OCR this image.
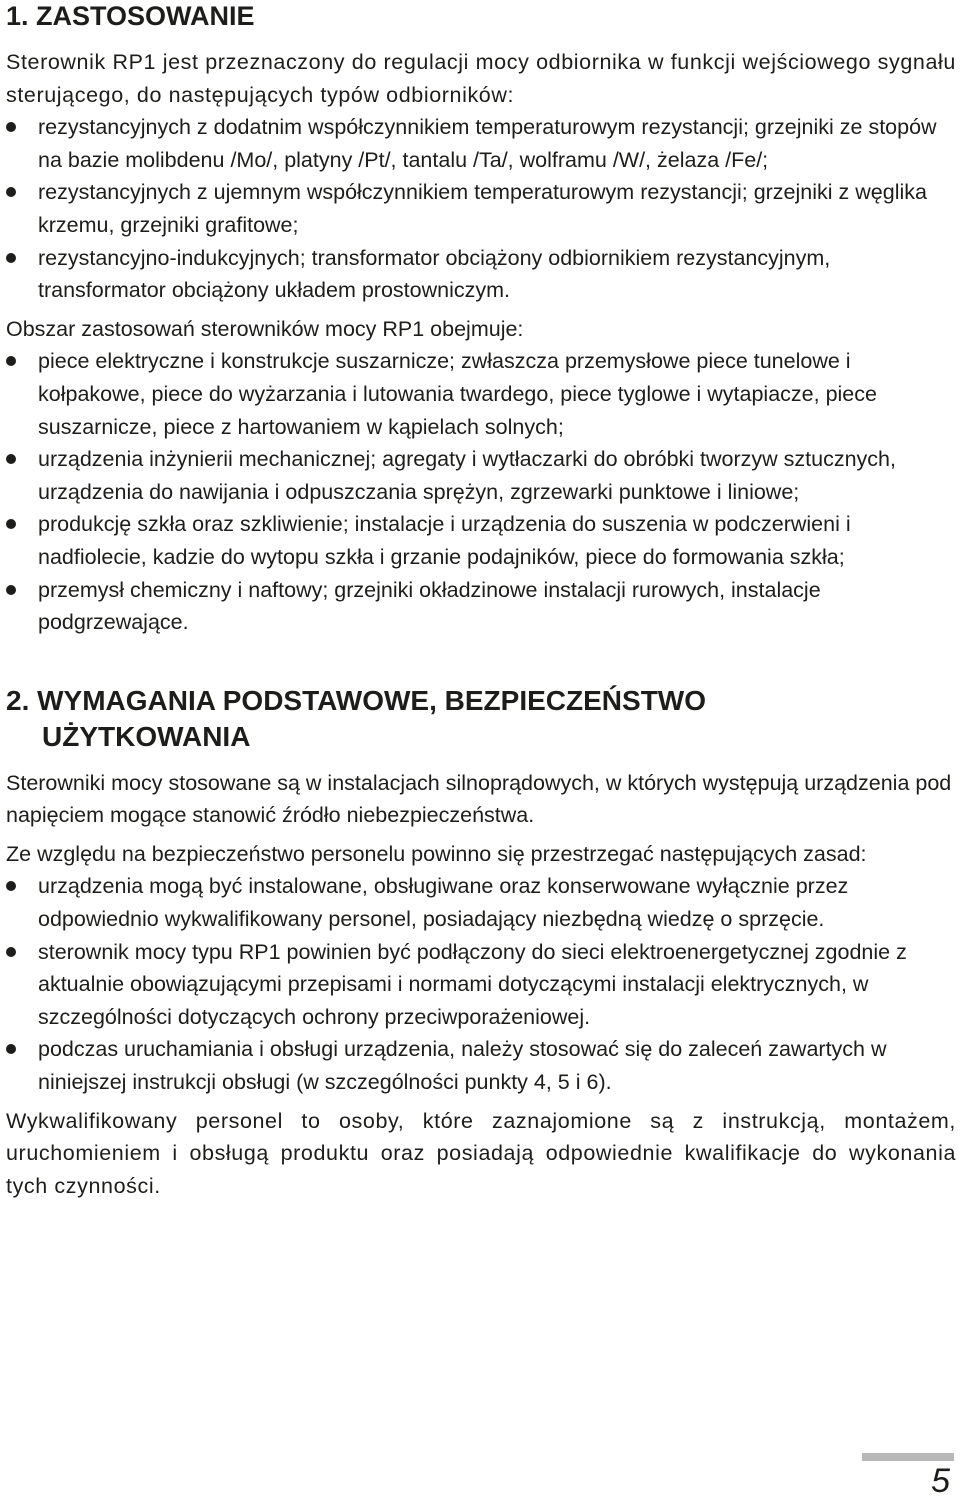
1. ZASTOSOWANIE

Sterownik RP1 jest przeznaczony do regulacji mocy odbiornika w funkcji wejściowego sygnału sterującego, do następujących typów odbiorników:

rezystancyjnych z dodatnim współczynnikiem temperaturowym rezystancji; grzejniki ze stopów na bazie molibdenu /Mo/, platyny /Pt/, tantalu /Ta/, wolframu /W/, żelaza /Fe/;
rezystancyjnych z ujemnym współczynnikiem temperaturowym rezystancji; grzejniki z węglika krzemu, grzejniki grafitowe;
rezystancyjno-indukcyjnych; transformator obciążony odbiornikiem rezystancyjnym, transformator obciążony układem prostowniczym.

Obszar zastosowań sterowników mocy RP1 obejmuje:

piece elektryczne i konstrukcje suszarnicze; zwłaszcza przemysłowe piece tunelowe i kołpakowe, piece do wyżarzania i lutowania twardego, piece tyglowe i wytapiacze, piece suszarnicze, piece z hartowaniem w kąpielach solnych;
urządzenia inżynierii mechanicznej; agregaty i wytłaczarki do obróbki tworzyw sztucznych, urządzenia do nawijania i odpuszczania sprężyn, zgrzewarki punktowe i liniowe;
produkcję szkła oraz szkliwienie; instalacje i urządzenia do suszenia w podczerwieni i nadfiolecie, kadzie do wytopu szkła i grzanie podajników, piece do formowania szkła;
przemysł chemiczny i naftowy; grzejniki okładzinowe instalacji rurowych, instalacje podgrzewające.
2. WYMAGANIA PODSTAWOWE, BEZPIECZEŃSTWO
UŻYTKOWANIA

Sterowniki mocy stosowane są w instalacjach silnoprądowych, w których występują urządzenia pod napięciem mogące stanowić źródło niebezpieczeństwa.

Ze względu na bezpieczeństwo personelu powinno się przestrzegać następujących zasad:

urządzenia mogą być instalowane, obsługiwane oraz konserwowane wyłącznie przez odpowiednio wykwalifikowany personel, posiadający niezbędną wiedzę o sprzęcie.
sterownik mocy typu RP1 powinien być podłączony do sieci elektroenergetycznej zgodnie z aktualnie obowiązującymi przepisami i normami dotyczącymi instalacji elektrycznych, w szczególności dotyczących ochrony przeciwporażeniowej.
podczas uruchamiania i obsługi urządzenia, należy stosować się do zaleceń zawartych w niniejszej instrukcji obsługi (w szczególności punkty 4, 5 i 6).

Wykwalifikowany personel to osoby, które zaznajomione są z instrukcją, montażem, uruchomieniem i obsługą produktu oraz posiadają odpowiednie kwalifikacje do wykonania tych czynności.

5
